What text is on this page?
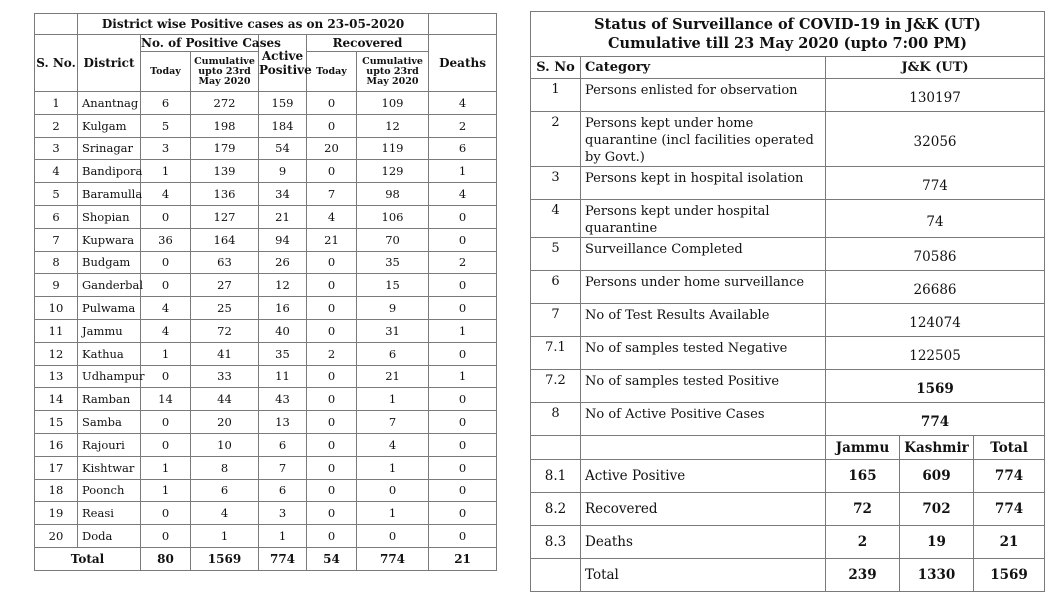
	District wise Positive cases as on 23-05-2020						
S. No.	District	No. of Positive Cases		Active Positive	Recovered		Deaths
		Today	Cumulative upto 23rd May 2020		Today	Cumulative upto 23rd May 2020	
1	Anantnag	6	272	159	0	109	4
2	Kulgam	5	198	184	0	12	2
3	Srinagar	3	179	54	20	119	6
4	Bandipora	1	139	9	0	129	1
5	Baramulla	4	136	34	7	98	4
6	Shopian	0	127	21	4	106	0
7	Kupwara	36	164	94	21	70	0
8	Budgam	0	63	26	0	35	2
9	Ganderbal	0	27	12	0	15	0
10	Pulwama	4	25	16	0	9	0
11	Jammu	4	72	40	0	31	1
12	Kathua	1	41	35	2	6	0
13	Udhampur	0	33	11	0	21	1
14	Ramban	14	44	43	0	1	0
15	Samba	0	20	13	0	7	0
16	Rajouri	0	10	6	0	4	0
17	Kishtwar	1	8	7	0	1	0
18	Poonch	1	6	6	0	0	0
19	Reasi	0	4	3	0	1	0
20	Doda	0	1	1	0	0	0
Total		80	1569	774	54	774	21
Status of Surveillance of COVID-19 in J&K (UT)
Cumulative till 23 May 2020 (upto 7:00 PM)				

S. No	Category	J&K (UT)		
1	Persons enlisted for observation	130197		
2	Persons kept under home quarantine (incl facilities operated by Govt.)	32056		
3	Persons kept in hospital isolation	774		
4	Persons kept under hospital quarantine	74		
5	Surveillance Completed	70586		
6	Persons under home surveillance	26686		
7	No of Test Results Available	124074		
7.1	No of samples tested Negative	122505		
7.2	No of samples tested Positive	1569		
8	No of Active Positive Cases	774		
		Jammu	Kashmir	Total
8.1	Active Positive	165	609	774
8.2	Recovered	72	702	774
8.3	Deaths	2	19	21
	Total	239	1330	1569
